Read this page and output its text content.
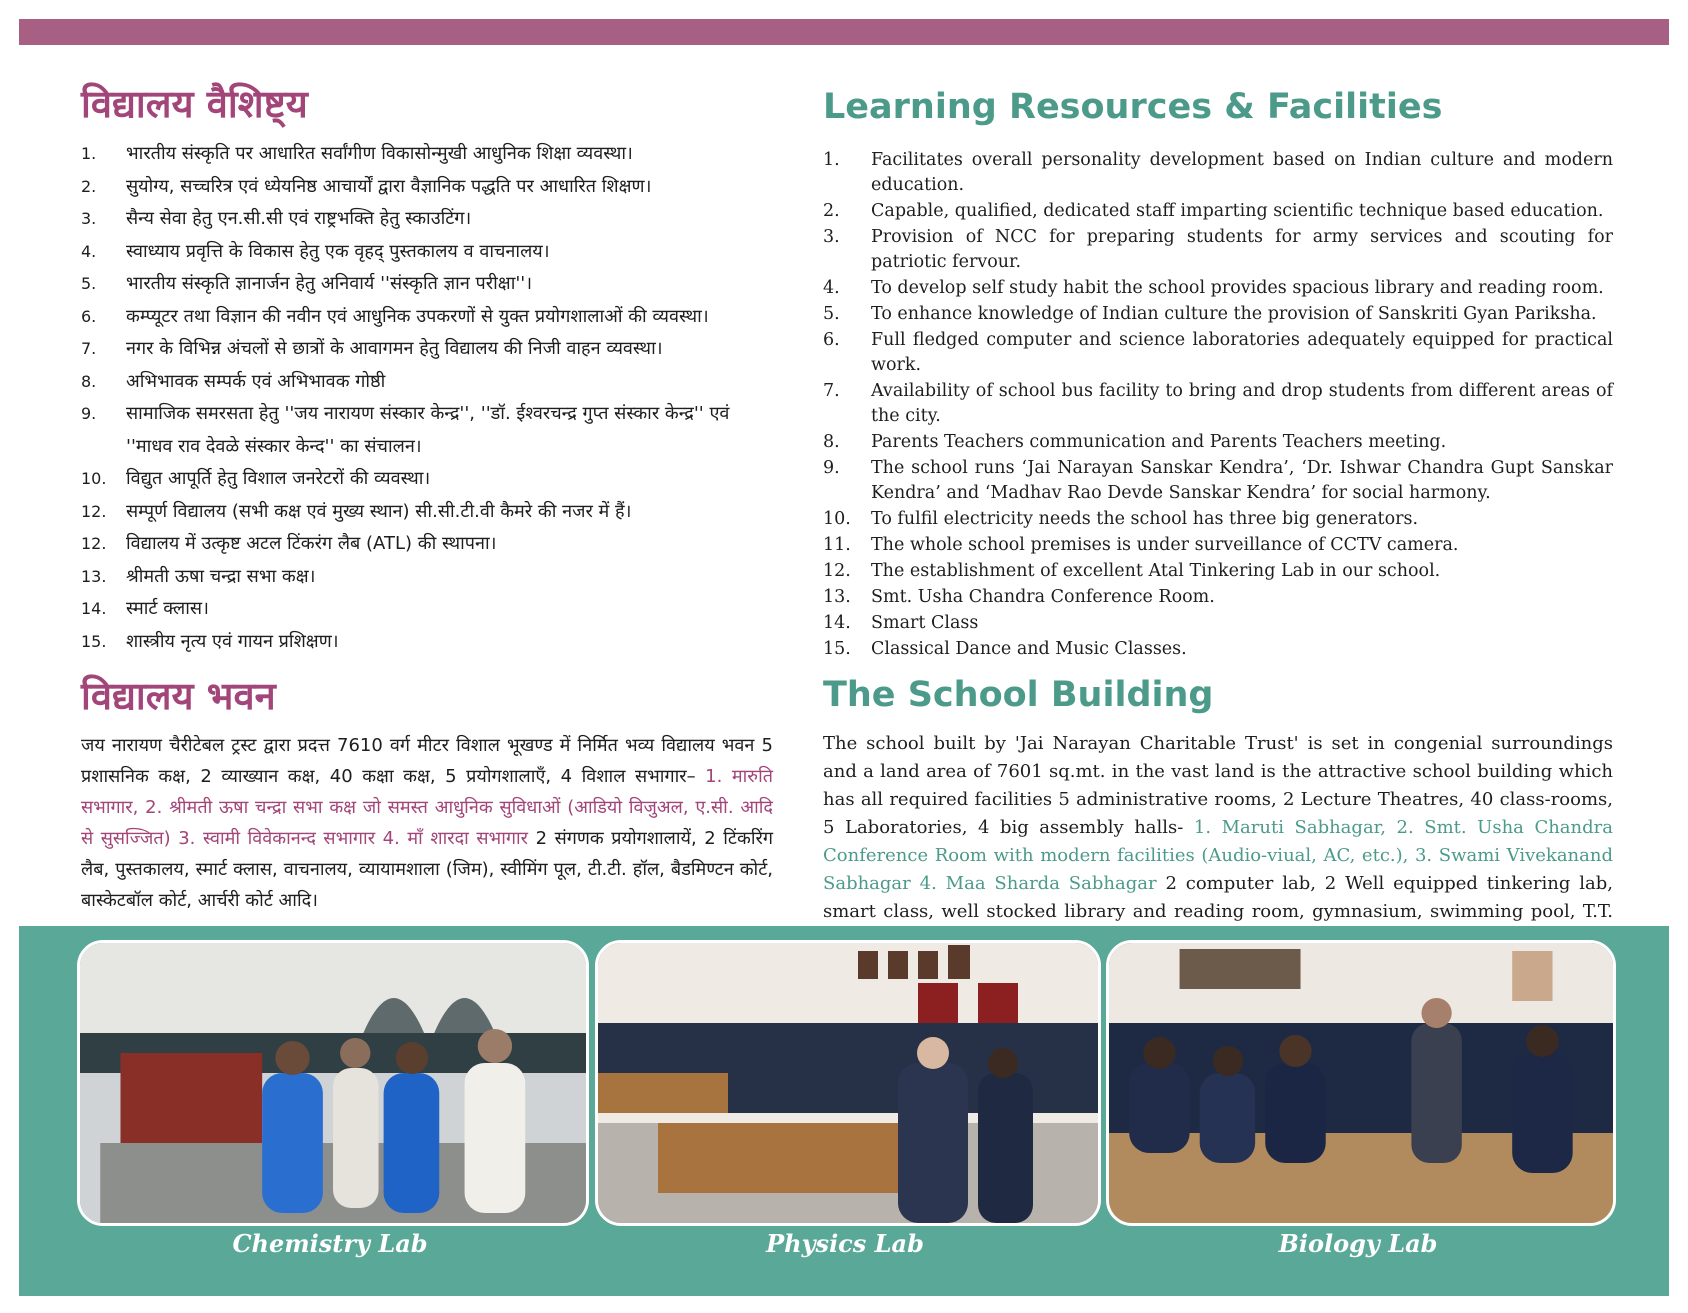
विद्यालय वैशिष्ट्य
1.	भारतीय संस्कृति पर आधारित सर्वांगीण विकासोन्मुखी आधुनिक शिक्षा व्यवस्था।
2.	सुयोग्य, सच्चरित्र एवं ध्येयनिष्ठ आचार्यों द्वारा वैज्ञानिक पद्धति पर आधारित शिक्षण।
3.	सैन्य सेवा हेतु एन.सी.सी एवं राष्ट्रभक्ति हेतु स्काउटिंग।
4.	स्वाध्याय प्रवृत्ति के विकास हेतु एक वृहद् पुस्तकालय व वाचनालय।
5.	भारतीय संस्कृति ज्ञानार्जन हेतु अनिवार्य ''संस्कृति ज्ञान परीक्षा''।
6.	कम्प्यूटर तथा विज्ञान की नवीन एवं आधुनिक उपकरणों से युक्त प्रयोगशालाओं की व्यवस्था।
7.	नगर के विभिन्न अंचलों से छात्रों के आवागमन हेतु विद्यालय की निजी वाहन व्यवस्था।
8.	अभिभावक सम्पर्क एवं अभिभावक गोष्ठी
9.	सामाजिक समरसता हेतु ''जय नारायण संस्कार केन्द्र'', ''डॉ. ईश्वरचन्द्र गुप्त संस्कार केन्द्र'' एवं ''माधव राव देवळे संस्कार केन्द'' का संचालन।
10.	विद्युत आपूर्ति हेतु विशाल जनरेटरों की व्यवस्था।
12.	सम्पूर्ण विद्यालय (सभी कक्ष एवं मुख्य स्थान) सी.सी.टी.वी कैमरे की नजर में हैं।
12.	विद्यालय में उत्कृष्ट अटल टिंकरंग लैब (ATL) की स्थापना।
13.	श्रीमती ऊषा चन्द्रा सभा कक्ष।
14.	स्मार्ट क्लास।
15.	शास्त्रीय नृत्य एवं गायन प्रशिक्षण।
विद्यालय भवन

जय नारायण चैरीटेबल ट्रस्ट द्वारा प्रदत्त 7610 वर्ग मीटर विशाल भूखण्ड में निर्मित भव्य विद्यालय भवन 5 प्रशासनिक कक्ष, 2 व्याख्यान कक्ष, 40 कक्षा कक्ष, 5 प्रयोगशालाएँ, 4 विशाल सभागार– 1. मारुति सभागार, 2. श्रीमती ऊषा चन्द्रा सभा कक्ष जो समस्त आधुनिक सुविधाओं (आडियो विजुअल, ए.सी. आदि से सुसज्जित) 3. स्वामी विवेकानन्द सभागार 4. माँ शारदा सभागार 2 संगणक प्रयोगशालायें, 2 टिंकरिंग लैब, पुस्तकालय, स्मार्ट क्लास, वाचनालय, व्यायामशाला (जिम), स्वीमिंग पूल, टी.टी. हॉल, बैडमिण्टन कोर्ट, बास्केटबॉल कोर्ट, आर्चरी कोर्ट आदि।

Learning Resources & Facilities
1.	Facilitates overall personality development based on Indian culture and modern education.
2.	Capable, qualified, dedicated staff imparting scientific technique based education.
3.	Provision of NCC for preparing students for army services and scouting for patriotic fervour.
4.	To develop self study habit the school provides spacious library and reading room.
5.	To enhance knowledge of Indian culture the provision of Sanskriti Gyan Pariksha.
6.	Full fledged computer and science laboratories adequately equipped for practical work.
7.	Availability of school bus facility to bring and drop students from different areas of the city.
8.	Parents Teachers communication and Parents Teachers meeting.
9.	The school runs ‘Jai Narayan Sanskar Kendra’, ‘Dr. Ishwar Chandra Gupt Sanskar Kendra’ and ‘Madhav Rao Devde Sanskar Kendra’ for social harmony.
10.	To fulfil electricity needs the school has three big generators.
11.	The whole school premises is under surveillance of CCTV camera.
12.	The establishment of excellent Atal Tinkering Lab in our school.
13.	Smt. Usha Chandra Conference Room.
14.	Smart Class
15.	Classical Dance and Music Classes.
The School Building

The school built by 'Jai Narayan Charitable Trust' is set in congenial surroundings and a land area of 7601 sq.mt. in the vast land is the attractive school building which has all required facilities 5 administrative rooms, 2 Lecture Theatres, 40 class-rooms, 5 Laboratories, 4 big assembly halls- 1. Maruti Sabhagar, 2. Smt. Usha Chandra Conference Room with modern facilities (Audio-viual, AC, etc.), 3. Swami Vivekanand Sabhagar 4. Maa Sharda Sabhagar 2 computer lab, 2 Well equipped tinkering lab, smart class, well stocked library and reading room, gymnasium, swimming pool, T.T.

Chemistry Lab	Physics Lab	Biology Lab
